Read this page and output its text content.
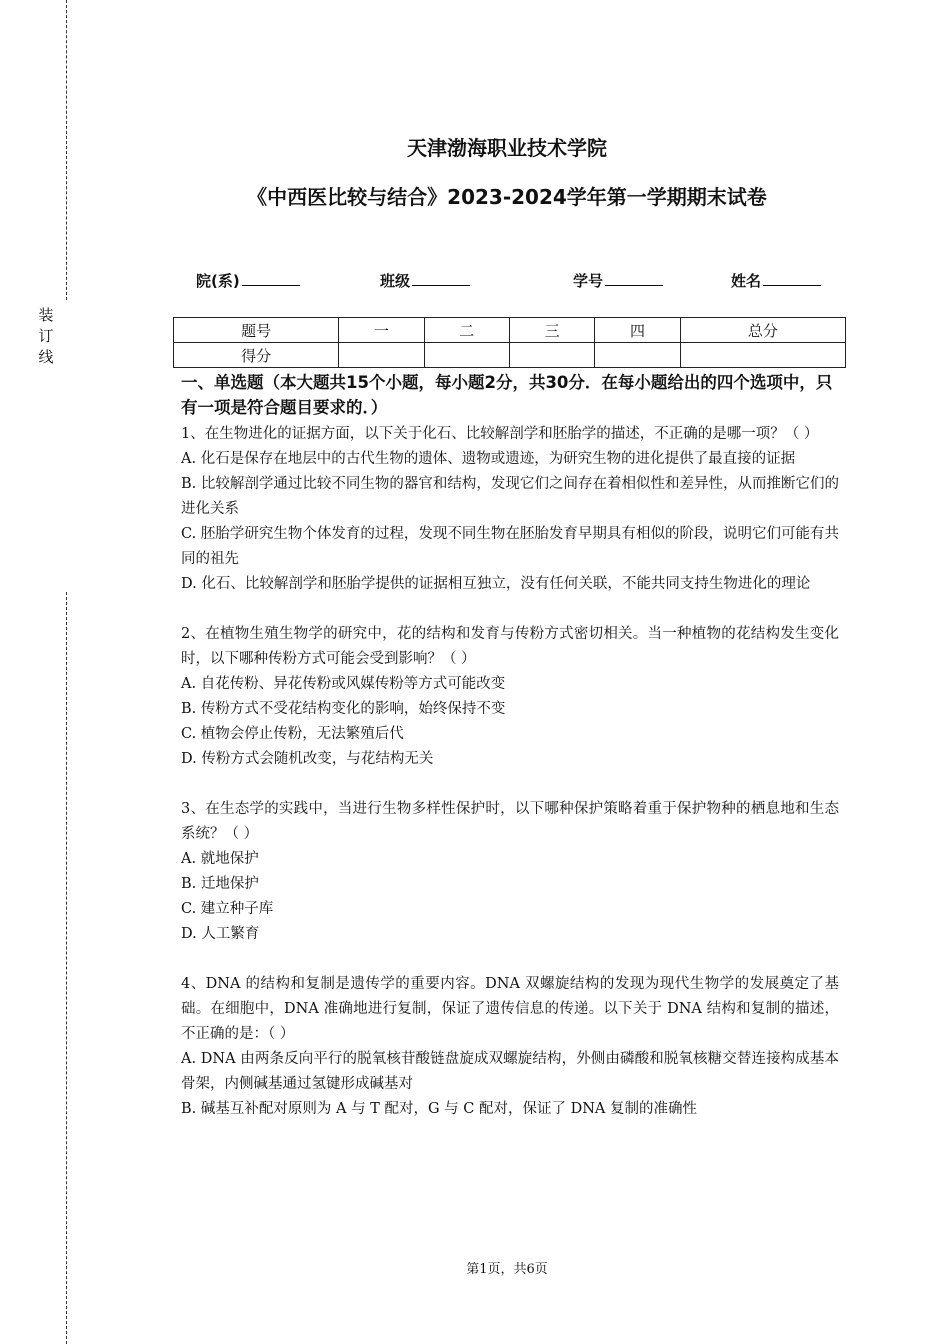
装
订
线
天津渤海职业技术学院
《中西医比较与结合》2023-2024学年第一学期期末试卷
院(系)	班级	学号	姓名
题号	一	二	三	四	总分
得分					
一、单选题（本大题共15个小题，每小题2分，共30分．在每小题给出的四个选项中，只有一项是符合题目要求的．）
1、在生物进化的证据方面，以下关于化石、比较解剖学和胚胎学的描述，不正确的是哪一项？（ ）
A. 化石是保存在地层中的古代生物的遗体、遗物或遗迹，为研究生物的进化提供了最直接的证据
B. 比较解剖学通过比较不同生物的器官和结构，发现它们之间存在着相似性和差异性，从而推断它们的进化关系
C. 胚胎学研究生物个体发育的过程，发现不同生物在胚胎发育早期具有相似的阶段，说明它们可能有共同的祖先
D. 化石、比较解剖学和胚胎学提供的证据相互独立，没有任何关联，不能共同支持生物进化的理论
2、在植物生殖生物学的研究中，花的结构和发育与传粉方式密切相关。当一种植物的花结构发生变化时，以下哪种传粉方式可能会受到影响？（ ）
A. 自花传粉、异花传粉或风媒传粉等方式可能改变
B. 传粉方式不受花结构变化的影响，始终保持不变
C. 植物会停止传粉，无法繁殖后代
D. 传粉方式会随机改变，与花结构无关
3、在生态学的实践中，当进行生物多样性保护时，以下哪种保护策略着重于保护物种的栖息地和生态系统？（ ）
A. 就地保护
B. 迁地保护
C. 建立种子库
D. 人工繁育
4、DNA 的结构和复制是遗传学的重要内容。DNA 双螺旋结构的发现为现代生物学的发展奠定了基础。在细胞中，DNA 准确地进行复制，保证了遗传信息的传递。以下关于 DNA 结构和复制的描述，不正确的是：（ ）
A. DNA 由两条反向平行的脱氧核苷酸链盘旋成双螺旋结构，外侧由磷酸和脱氧核糖交替连接构成基本骨架，内侧碱基通过氢键形成碱基对
B. 碱基互补配对原则为 A 与 T 配对，G 与 C 配对，保证了 DNA 复制的准确性
第1页，共6页
